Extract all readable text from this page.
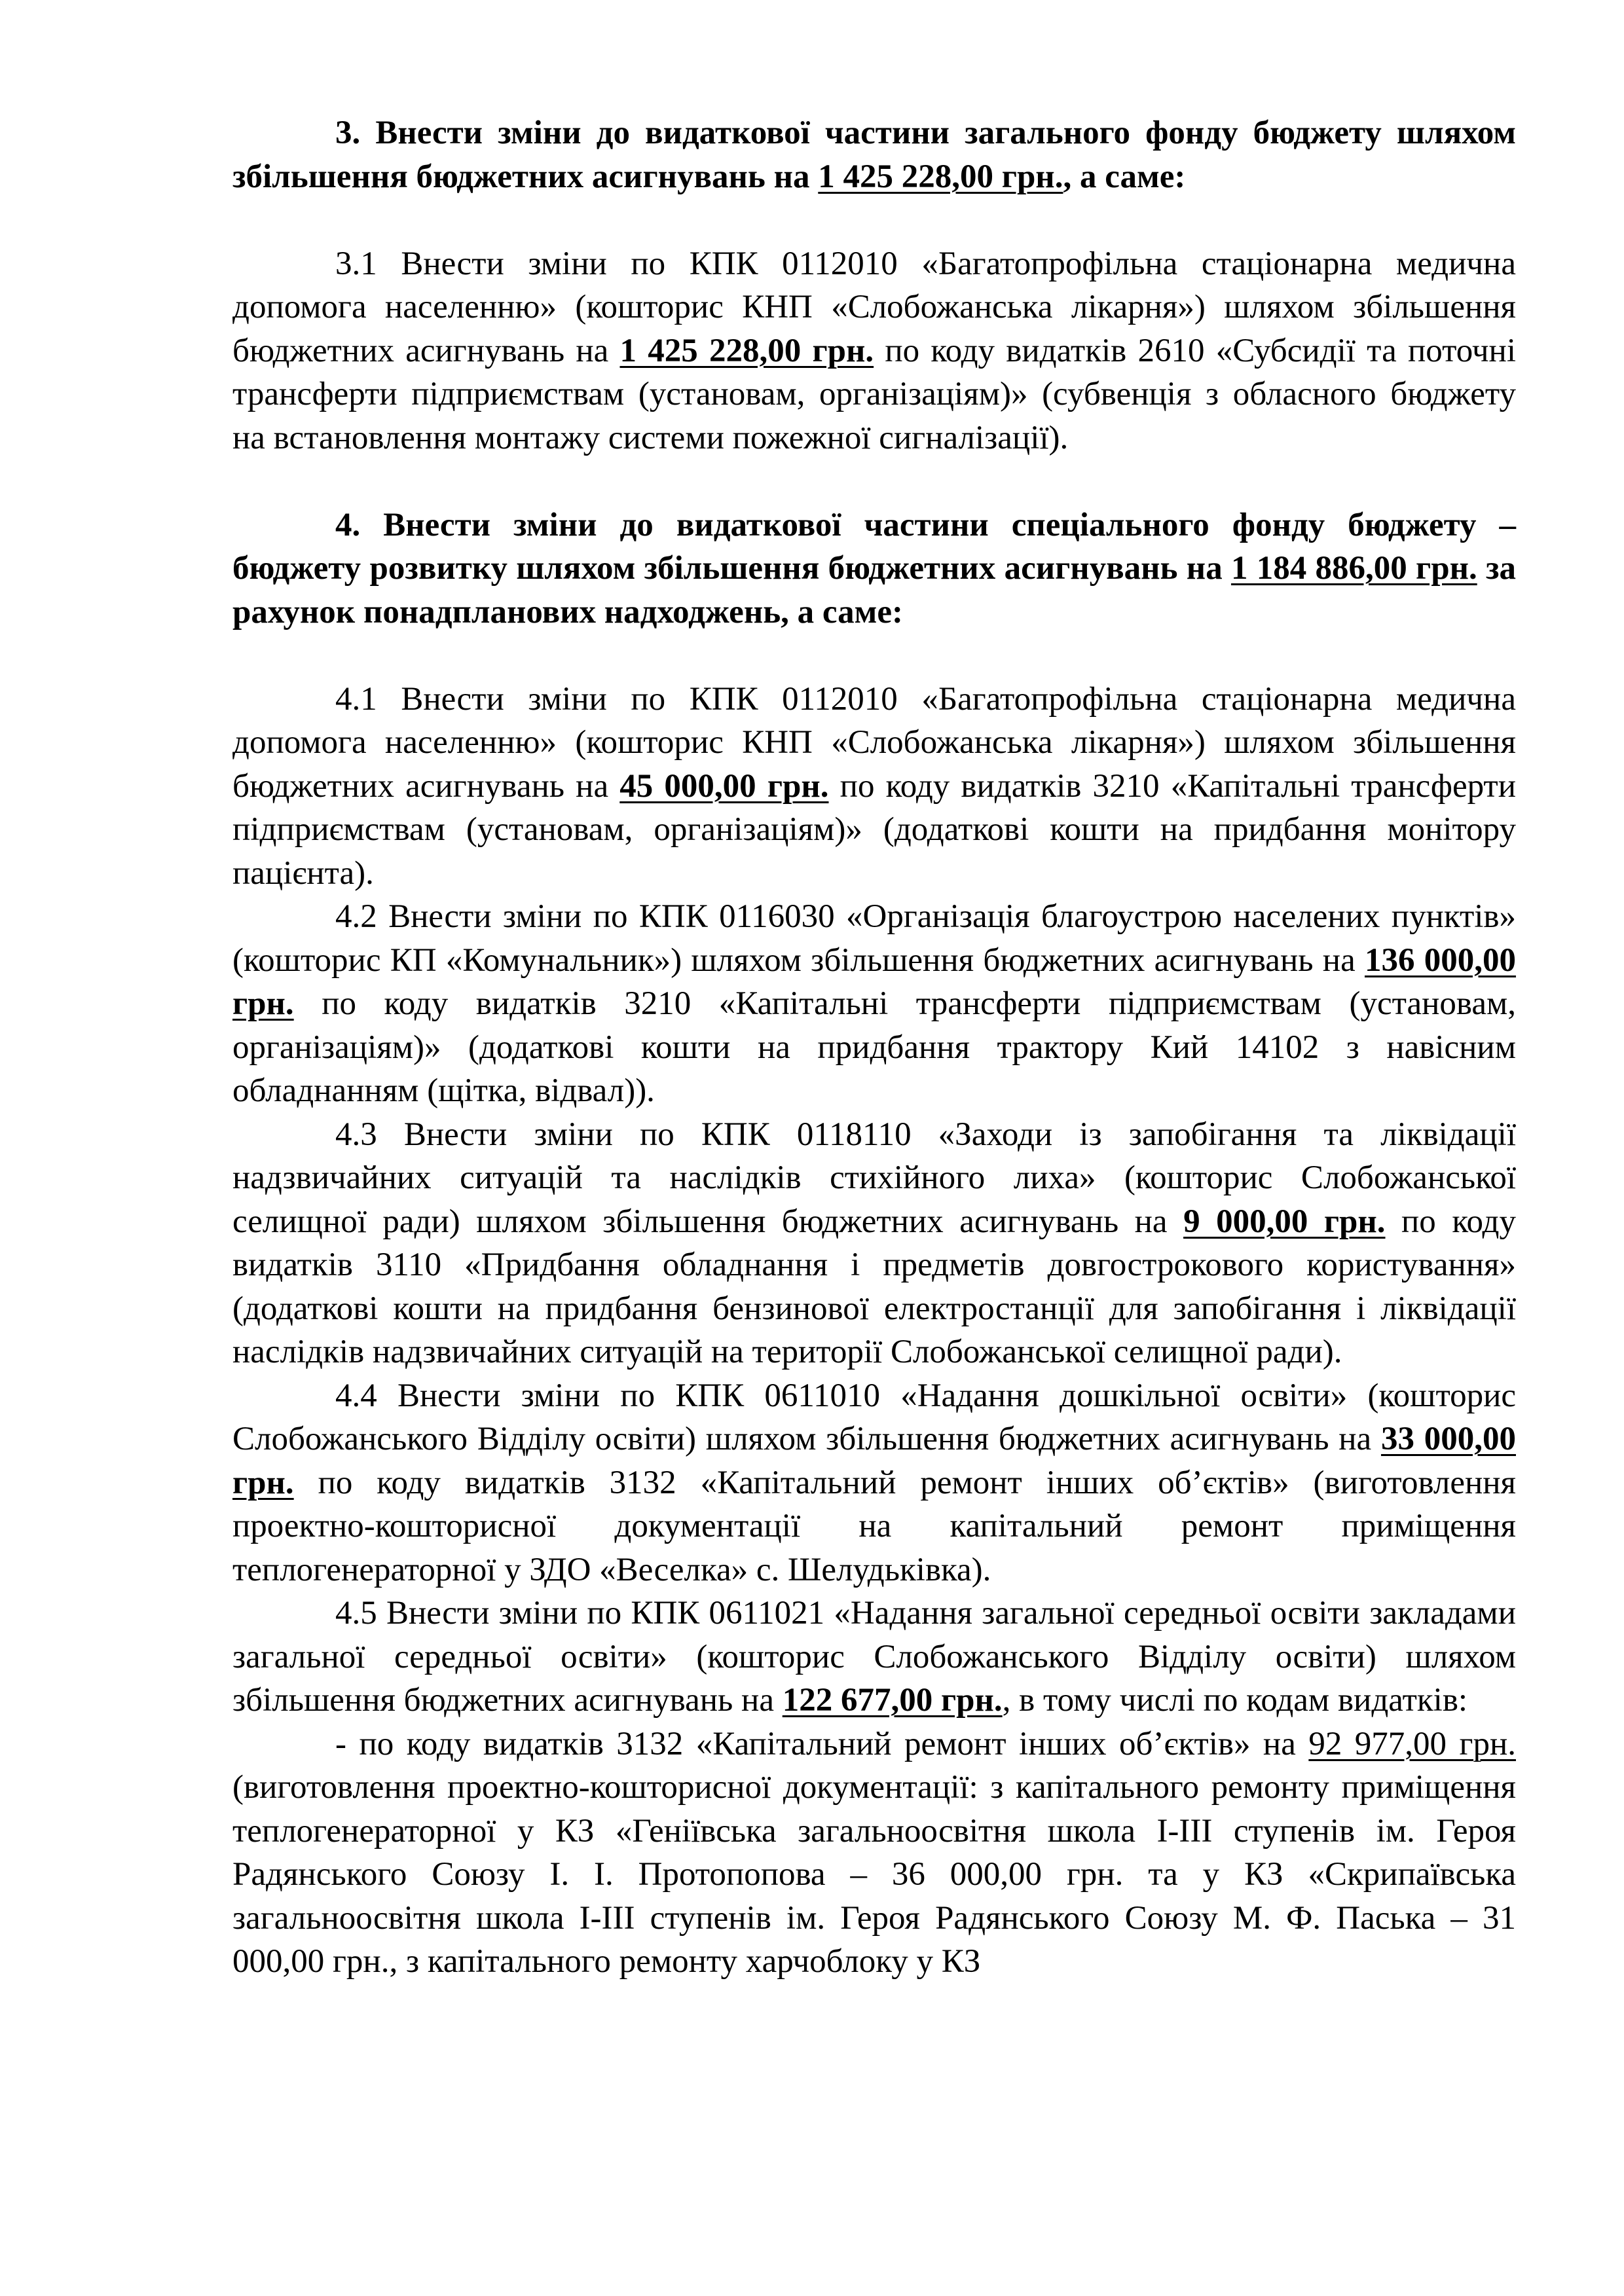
3. Внести зміни до видаткової частини загального фонду бюджету шляхом збільшення бюджетних асигнувань на 1 425 228,00 грн., а саме:

3.1 Внести зміни по КПК 0112010 «Багатопрофільна стаціонарна медична допомога населенню» (кошторис КНП «Слобожанська лікарня») шляхом збільшення бюджетних асигнувань на 1 425 228,00 грн. по коду видатків 2610 «Субсидії та поточні трансферти підприємствам (установам, організаціям)» (субвенція з обласного бюджету на встановлення монтажу системи пожежної сигналізації).

4. Внести зміни до видаткової частини спеціального фонду бюджету – бюджету розвитку шляхом збільшення бюджетних асигнувань на 1 184 886,00 грн. за рахунок понадпланових надходжень, а саме:

4.1 Внести зміни по КПК 0112010 «Багатопрофільна стаціонарна медична допомога населенню» (кошторис КНП «Слобожанська лікарня») шляхом збільшення бюджетних асигнувань на 45 000,00 грн. по коду видатків 3210 «Капітальні трансферти підприємствам (установам, організаціям)» (додаткові кошти на придбання монітору пацієнта).

4.2 Внести зміни по КПК 0116030 «Організація благоустрою населених пунктів» (кошторис КП «Комунальник») шляхом збільшення бюджетних асигнувань на 136 000,00 грн. по коду видатків 3210 «Капітальні трансферти підприємствам (установам, організаціям)» (додаткові кошти на придбання трактору Кий 14102 з навісним обладнанням (щітка, відвал)).

4.3 Внести зміни по КПК 0118110 «Заходи із запобігання та ліквідації надзвичайних ситуацій та наслідків стихійного лиха» (кошторис Слобожанської селищної ради) шляхом збільшення бюджетних асигнувань на 9 000,00 грн. по коду видатків 3110 «Придбання обладнання і предметів довгострокового користування» (додаткові кошти на придбання бензинової електростанції для запобігання і ліквідації наслідків надзвичайних ситуацій на території Слобожанської селищної ради).

4.4 Внести зміни по КПК 0611010 «Надання дошкільної освіти» (кошторис Слобожанського Відділу освіти) шляхом збільшення бюджетних асигнувань на 33 000,00 грн. по коду видатків 3132 «Капітальний ремонт інших об’єктів» (виготовлення проектно-кошторисної документації на капітальний ремонт приміщення теплогенераторної у ЗДО «Веселка» с. Шелудьківка).

4.5 Внести зміни по КПК 0611021 «Надання загальної середньої освіти закладами загальної середньої освіти» (кошторис Слобожанського Відділу освіти) шляхом збільшення бюджетних асигнувань на 122 677,00 грн., в тому числі по кодам видатків:

- по коду видатків 3132 «Капітальний ремонт інших об’єктів» на 92 977,00 грн. (виготовлення проектно-кошторисної документації: з капітального ремонту приміщення теплогенераторної у КЗ «Геніївська загальноосвітня школа І-ІІІ ступенів ім. Героя Радянського Союзу І. І. Протопопова – 36 000,00 грн. та у КЗ «Скрипаївська загальноосвітня школа І-ІІІ ступенів ім. Героя Радянського Союзу М. Ф. Паська – 31 000,00 грн., з капітального ремонту харчоблоку у КЗ
